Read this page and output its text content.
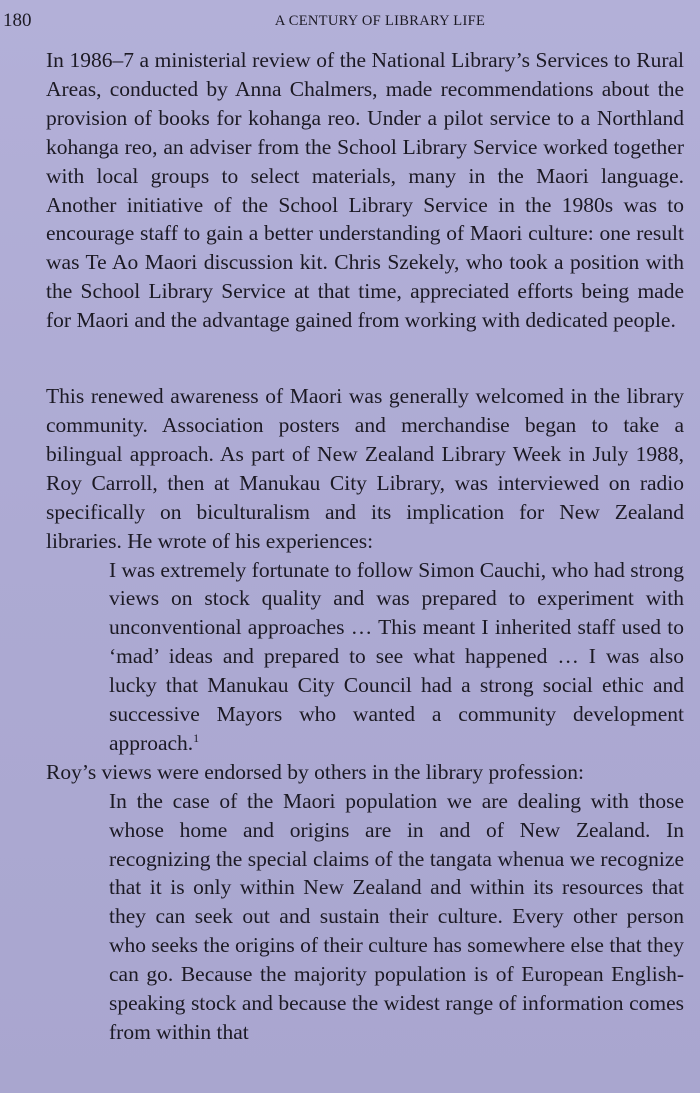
180	A CENTURY OF LIBRARY LIFE

In 1986–7 a ministerial review of the National Library’s Services to Rural Areas, conducted by Anna Chalmers, made recommendations about the provision of books for kohanga reo. Under a pilot service to a Northland kohanga reo, an adviser from the School Library Service worked together with local groups to select materials, many in the Maori language. Another initiative of the School Library Service in the 1980s was to encourage staff to gain a better understanding of Maori culture: one result was Te Ao Maori discussion kit. Chris Szekely, who took a position with the School Library Service at that time, appreciated efforts being made for Maori and the advantage gained from working with dedicated people.

This renewed awareness of Maori was generally welcomed in the library community. Association posters and merchandise began to take a bilingual approach. As part of New Zealand Library Week in July 1988, Roy Carroll, then at Manukau City Library, was interviewed on radio specifically on biculturalism and its implication for New Zealand libraries. He wrote of his experiences:

I was extremely fortunate to follow Simon Cauchi, who had strong views on stock quality and was prepared to experiment with unconventional approaches … This meant I inherited staff used to ‘mad’ ideas and prepared to see what happened … I was also lucky that Manukau City Council had a strong social ethic and successive Mayors who wanted a community development approach.$^1$

Roy’s views were endorsed by others in the library profession:

In the case of the Maori population we are dealing with those whose home and origins are in and of New Zealand. In recognizing the special claims of the tangata whenua we recognize that it is only within New Zealand and within its resources that they can seek out and sustain their culture. Every other person who seeks the origins of their culture has somewhere else that they can go. Because the majority population is of European English-speaking stock and because the widest range of information comes from within that
